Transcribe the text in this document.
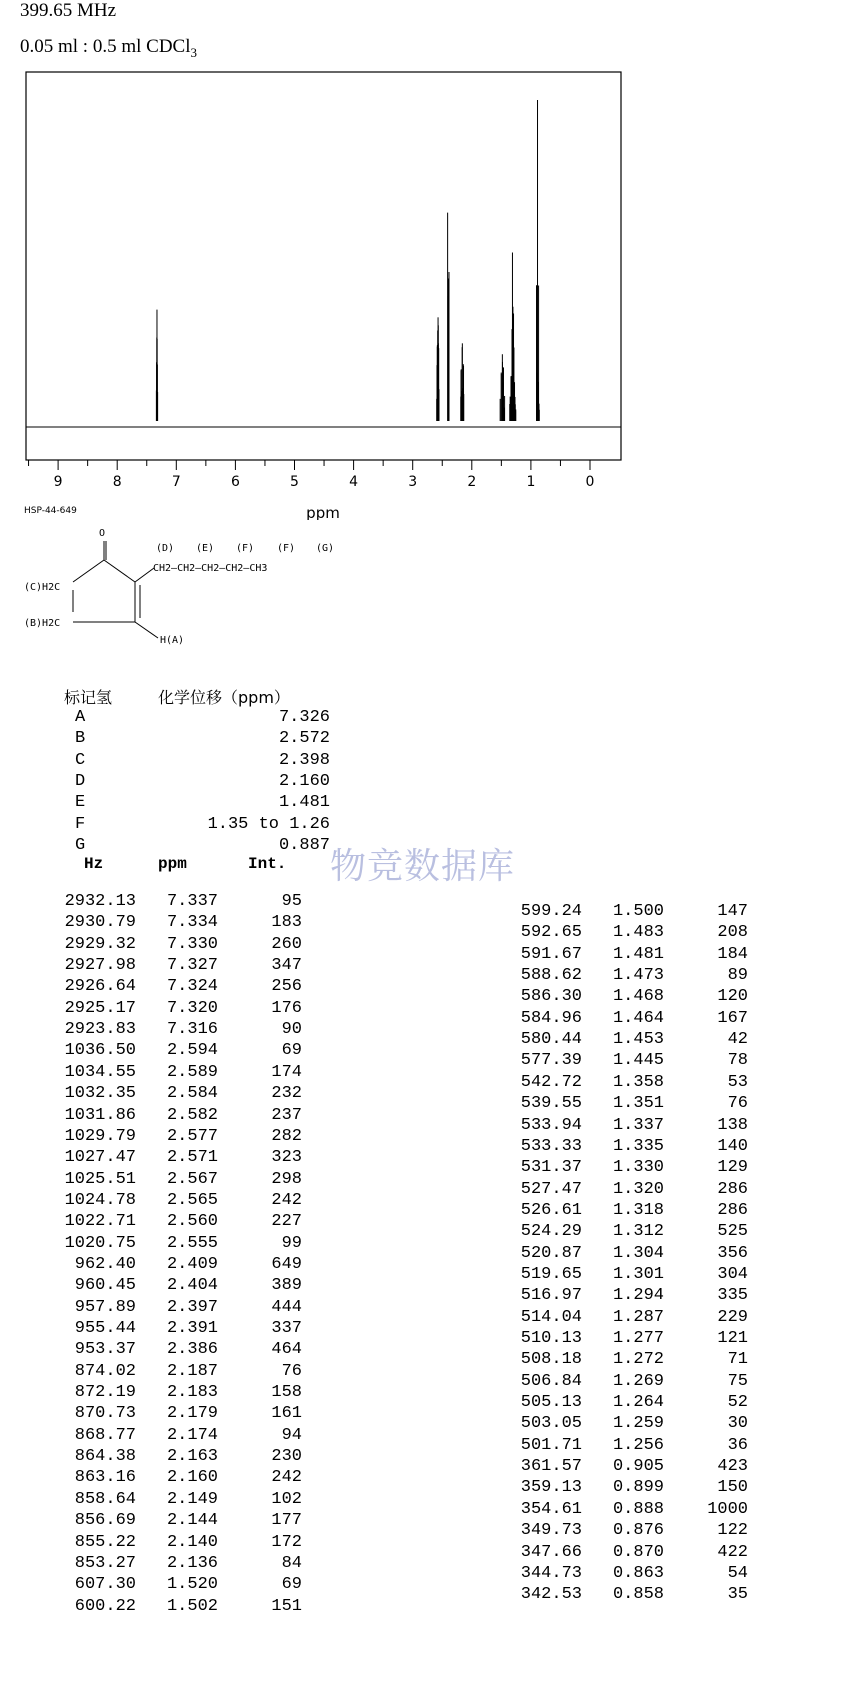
399.65 MHz
0.05 ml : 0.5 ml CDCl$_3$
9	8	7	6	5	4	3	2	1	0
ppm
HSP-44-649
O
(D) (E) (F) (F) (G)
CH2—CH2—CH2—CH2—CH3
(C)H2C
(B)H2C
H(A)
标记氢	化学位移（ppm）
A	7.326
B	2.572
C	2.398
D	2.160
E	1.481
F	1.35 to 1.26
G	0.887
物竞数据库
Hz	ppm	Int.
2932.13	7.337	95
2930.79	7.334	183
2929.32	7.330	260
2927.98	7.327	347
2926.64	7.324	256
2925.17	7.320	176
2923.83	7.316	90
1036.50	2.594	69
1034.55	2.589	174
1032.35	2.584	232
1031.86	2.582	237
1029.79	2.577	282
1027.47	2.571	323
1025.51	2.567	298
1024.78	2.565	242
1022.71	2.560	227
1020.75	2.555	99
962.40	2.409	649
960.45	2.404	389
957.89	2.397	444
955.44	2.391	337
953.37	2.386	464
874.02	2.187	76
872.19	2.183	158
870.73	2.179	161
868.77	2.174	94
864.38	2.163	230
863.16	2.160	242
858.64	2.149	102
856.69	2.144	177
855.22	2.140	172
853.27	2.136	84
607.30	1.520	69
600.22	1.502	151
599.24	1.500	147
592.65	1.483	208
591.67	1.481	184
588.62	1.473	89
586.30	1.468	120
584.96	1.464	167
580.44	1.453	42
577.39	1.445	78
542.72	1.358	53
539.55	1.351	76
533.94	1.337	138
533.33	1.335	140
531.37	1.330	129
527.47	1.320	286
526.61	1.318	286
524.29	1.312	525
520.87	1.304	356
519.65	1.301	304
516.97	1.294	335
514.04	1.287	229
510.13	1.277	121
508.18	1.272	71
506.84	1.269	75
505.13	1.264	52
503.05	1.259	30
501.71	1.256	36
361.57	0.905	423
359.13	0.899	150
354.61	0.888	1000
349.73	0.876	122
347.66	0.870	422
344.73	0.863	54
342.53	0.858	35
